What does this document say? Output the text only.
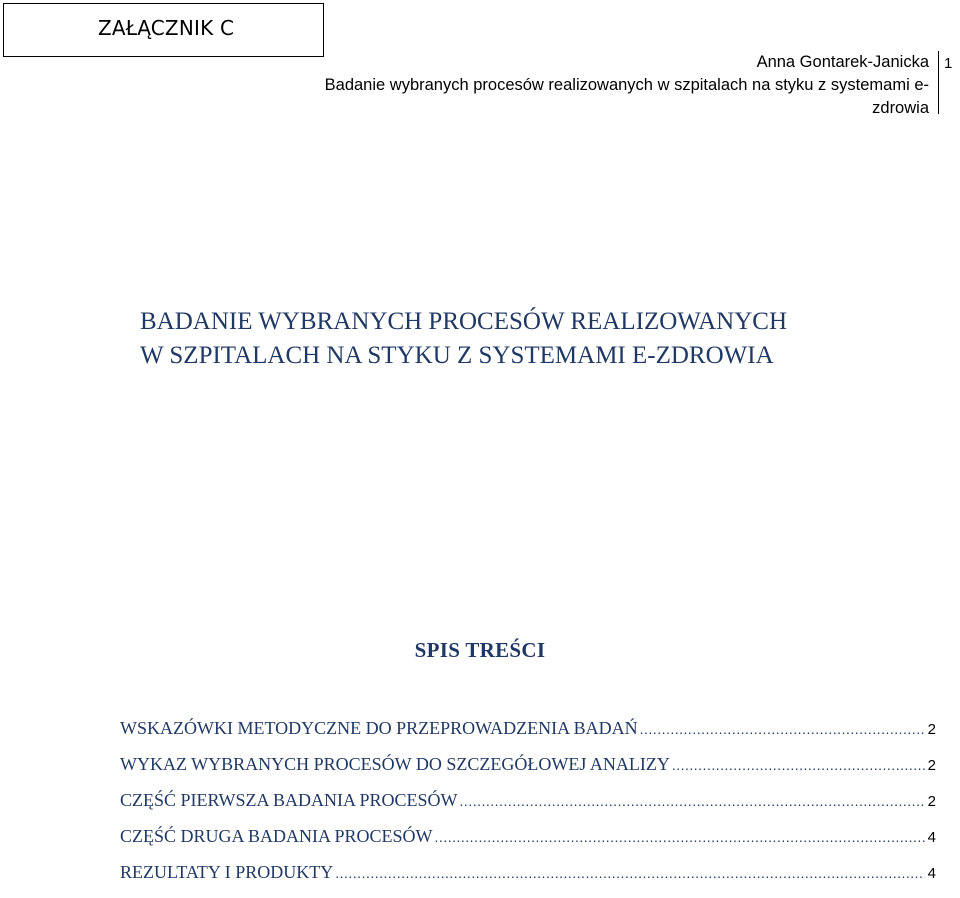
ZAŁĄCZNIK C
Anna Gontarek-Janicka
Badanie wybranych procesów realizowanych w szpitalach na styku z systemami e-
zdrowia
1
BADANIE WYBRANYCH PROCESÓW REALIZOWANYCH
W SZPITALACH NA STYKU Z SYSTEMAMI E-ZDROWIA
SPIS TREŚCI
WSKAZÓWKI METODYCZNE DO PRZEPROWADZENIA BADAŃ .....	2
WYKAZ WYBRANYCH PROCESÓW DO SZCZEGÓŁOWEJ ANALIZY .....	2
CZĘŚĆ PIERWSZA BADANIA PROCESÓW .....	2
CZĘŚĆ DRUGA BADANIA PROCESÓW .....	4
REZULTATY I PRODUKTY .....	4
